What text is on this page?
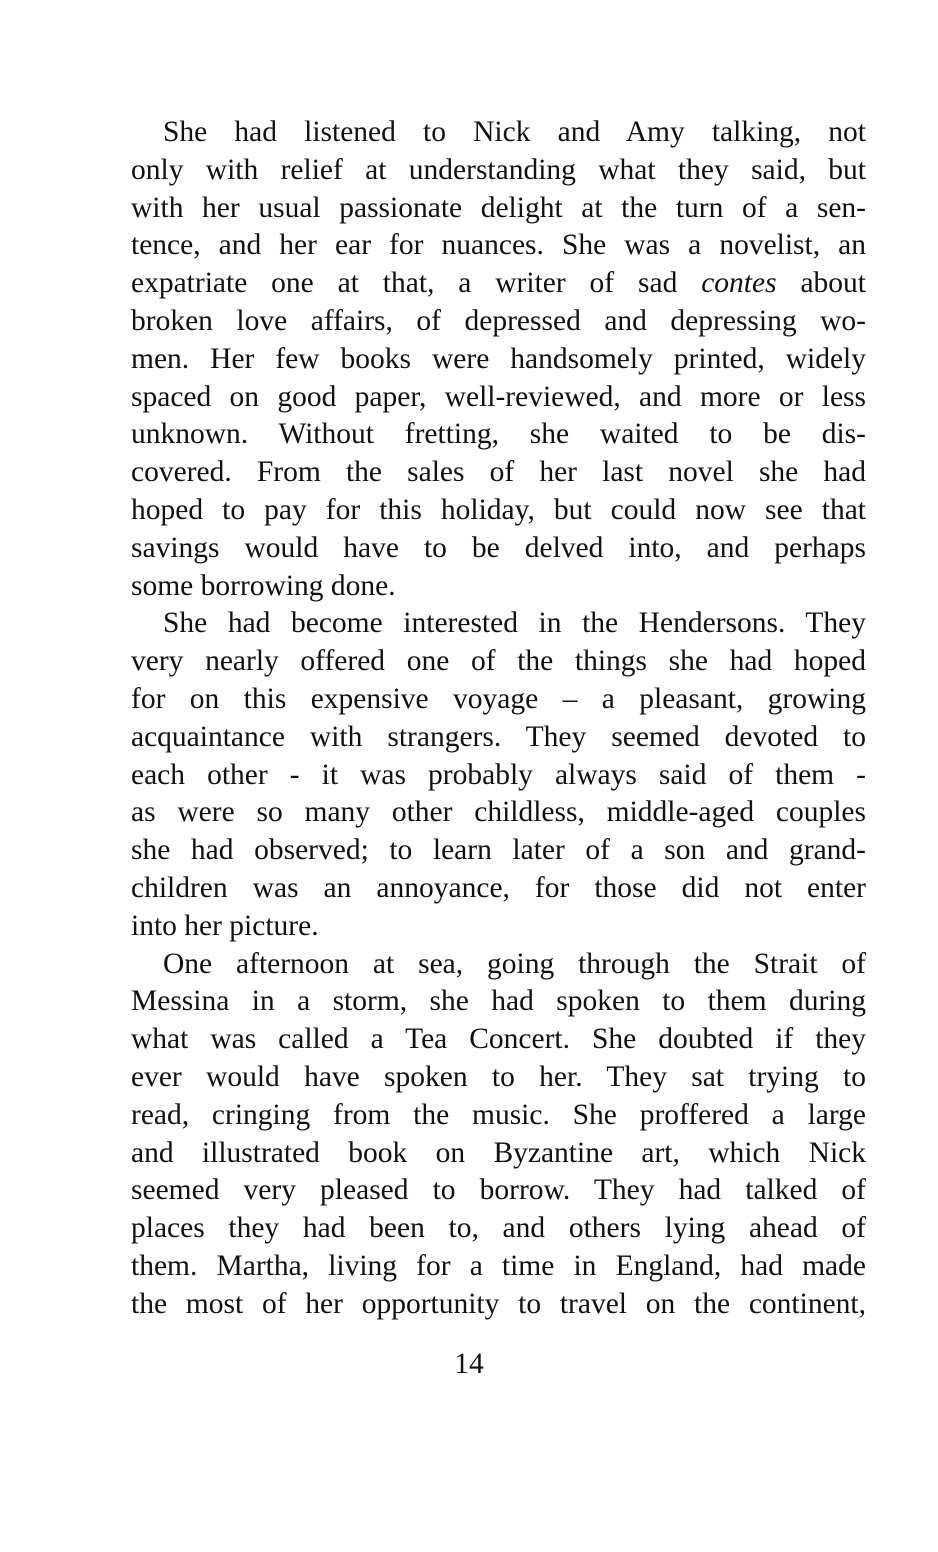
She had listened to Nick and Amy talking, not
only with relief at understanding what they said, but
with her usual passionate delight at the turn of a sen-
tence, and her ear for nuances. She was a novelist, an
expatriate one at that, a writer of sad contes about
broken love affairs, of depressed and depressing wo-
men. Her few books were handsomely printed, widely
spaced on good paper, well-reviewed, and more or less
unknown. Without fretting, she waited to be dis-
covered. From the sales of her last novel she had
hoped to pay for this holiday, but could now see that
savings would have to be delved into, and perhaps
some borrowing done.
She had become interested in the Hendersons. They
very nearly offered one of the things she had hoped
for on this expensive voyage – a pleasant, growing
acquaintance with strangers. They seemed devoted to
each other - it was probably always said of them -
as were so many other childless, middle-aged couples
she had observed; to learn later of a son and grand-
children was an annoyance, for those did not enter
into her picture.
One afternoon at sea, going through the Strait of
Messina in a storm, she had spoken to them during
what was called a Tea Concert. She doubted if they
ever would have spoken to her. They sat trying to
read, cringing from the music. She proffered a large
and illustrated book on Byzantine art, which Nick
seemed very pleased to borrow. They had talked of
places they had been to, and others lying ahead of
them. Martha, living for a time in England, had made
the most of her opportunity to travel on the continent,
14
